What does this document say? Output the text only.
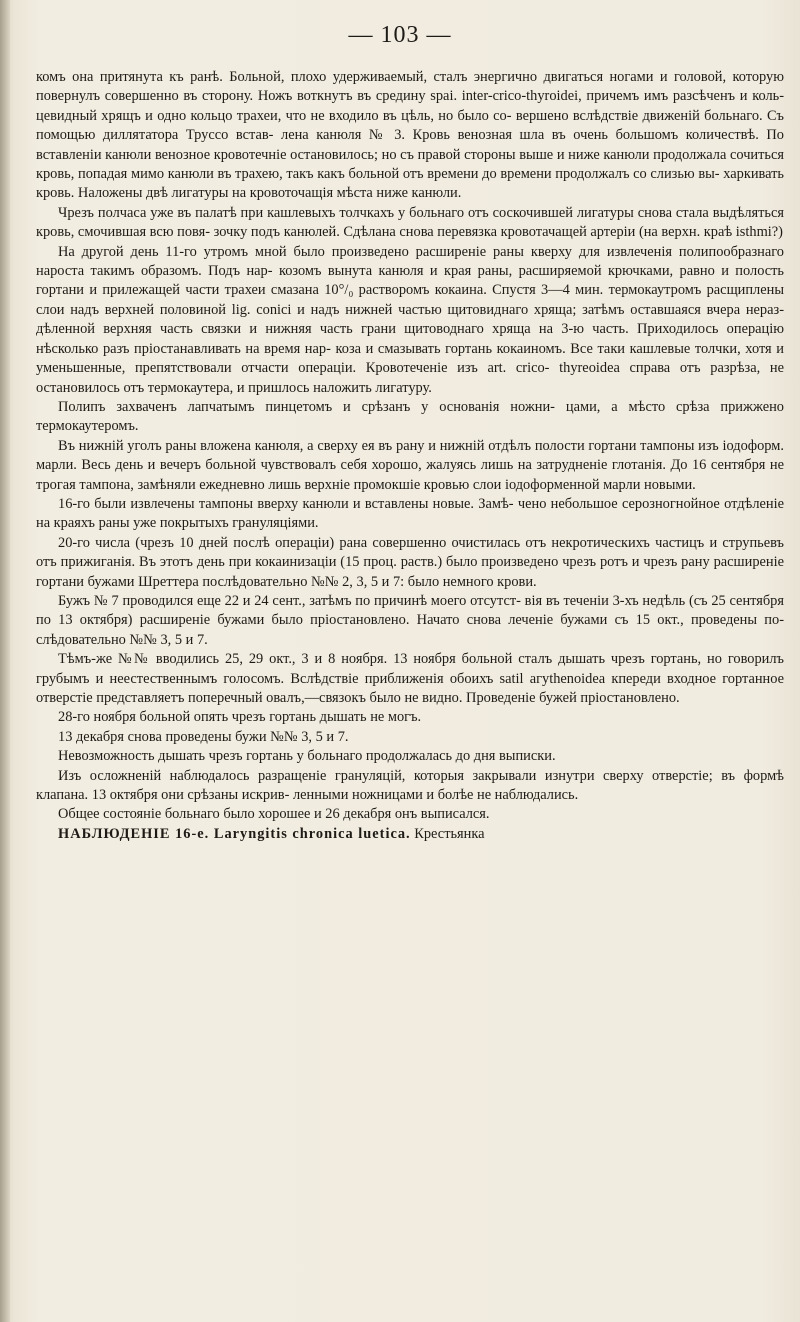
— 103 —

комъ она притянута къ ранѣ. Больной, плохо удерживаемый, сталъ энергично двигаться ногами и головой, которую повернулъ совершенно въ сторону. Ножъ воткнутъ въ средину spai. inter-crico-thyroidei, причемъ имъ разсѣченъ и коль- цевидный хрящъ и одно кольцо трахеи, что не входило въ цѣль, но было со- вершено вслѣдствіе движеній больнаго. Съ помощью диллятатора Труссо встав- лена канюля № 3. Кровь венозная шла въ очень большомъ количествѣ. По вставленіи канюли венозное кровотечніе остановилось; но съ правой стороны выше и ниже канюли продолжала сочиться кровь, попадая мимо канюли въ трахею, такъ какъ больной отъ времени до времени продолжалъ со слизью вы- харкивать кровь. Наложены двѣ лигатуры на кровоточащія мѣста ниже канюли.

Чрезъ полчаса уже въ палатѣ при кашлевыхъ толчкахъ у больнаго отъ соскочившей лигатуры снова стала выдѣляться кровь, смочившая всю повя- зочку подъ канюлей. Сдѣлана снова перевязка кровотачащей артеріи (на верхн. краѣ isthmi?)

На другой день 11-го утромъ мной было произведено расширеніе раны кверху для извлеченія полипообразнаго нароста такимъ образомъ. Подъ нар- козомъ вынута канюля и края раны, расширяемой крючками, равно и полость гортани и прилежащей части трахеи смазана 10°/₀ растворомъ кокаина. Спустя 3—4 мин. термокаутромъ расщиплены слои надъ верхней половиной lig. conici и надъ нижней частью щитовиднаго хряща; затѣмъ оставшаяся вчера нераз- дѣленной верхняя часть связки и нижняя часть грани щитоводнаго хряща на 3-ю часть. Приходилось операцію нѣсколько разъ пріостанавливать на время нар- коза и смазывать гортань кокаиномъ. Все таки кашлевые толчки, хотя и уменьшенные, препятствовали отчасти операціи. Кровотеченіе изъ art. crico- thyreoidea справа отъ разрѣза, не остановилось отъ термокаутера, и пришлось наложить лигатуру.

Полипъ захваченъ лапчатымъ пинцетомъ и срѣзанъ у основанія ножни- цами, а мѣсто срѣза прижжено термокаутеромъ.

Въ нижній уголъ раны вложена канюля, а сверху ея въ рану и нижній отдѣлъ полости гортани тампоны изъ іодоформ. марли. Весь день и вечеръ больной чувствовалъ себя хорошо, жалуясь лишь на затрудненіе глотанія. До 16 сентября не трогая тампона, замѣняли ежедневно лишь верхніе промокшіе кровью слои іодоформенной марли новыми.

16-го были извлечены тампоны вверху канюли и вставлены новые. Замѣ- чено небольшое серозногнойное отдѣленіе на краяхъ раны уже покрытыхъ грануляціями.

20-го числа (чрезъ 10 дней послѣ операціи) рана совершенно очистилась отъ некротическихъ частицъ и струпьевъ отъ прижиганія. Въ этотъ день при кокаинизаціи (15 проц. раств.) было произведено чрезъ ротъ и чрезъ рану расширеніе гортани бужами Шреттера послѣдовательно №№ 2, 3, 5 и 7: было немного крови.

Бужъ № 7 проводился еще 22 и 24 сент., затѣмъ по причинѣ моего отсутст- вія въ теченіи 3-хъ недѣль (съ 25 сентября по 13 октября) расширеніе бужами было пріостановлено. Начато снова леченіе бужами съ 15 окт., проведены по- слѣдовательно №№ 3, 5 и 7.

Тѣмъ-же №№ вводились 25, 29 окт., 3 и 8 ноября. 13 ноября больной сталъ дышать чрезъ гортань, но говорилъ грубымъ и неестественнымъ голосомъ. Вслѣдствіе приближенія обоихъ satil aгуthenoidea кпереди входное гортанное отверстіе представляетъ поперечный овалъ,—связокъ было не видно. Проведеніе бужей пріостановлено.

28-го ноября больной опять чрезъ гортань дышать не могъ.

13 декабря снова проведены бужи №№ 3, 5 и 7.

Невозможность дышать чрезъ гортань у больнаго продолжалась до дня выписки.

Изъ осложненій наблюдалось разращеніе грануляцій, которыя закрывали изнутри сверху отверстіе; въ формѣ клапана. 13 октября они срѣзаны искрив- ленными ножницами и болѣе не наблюдались.

Общее состояніе больнаго было хорошее и 26 декабря онъ выписался.

НАБЛЮДЕНІЕ 16-е. Laryngitis chronica luetica. Крестьянка
